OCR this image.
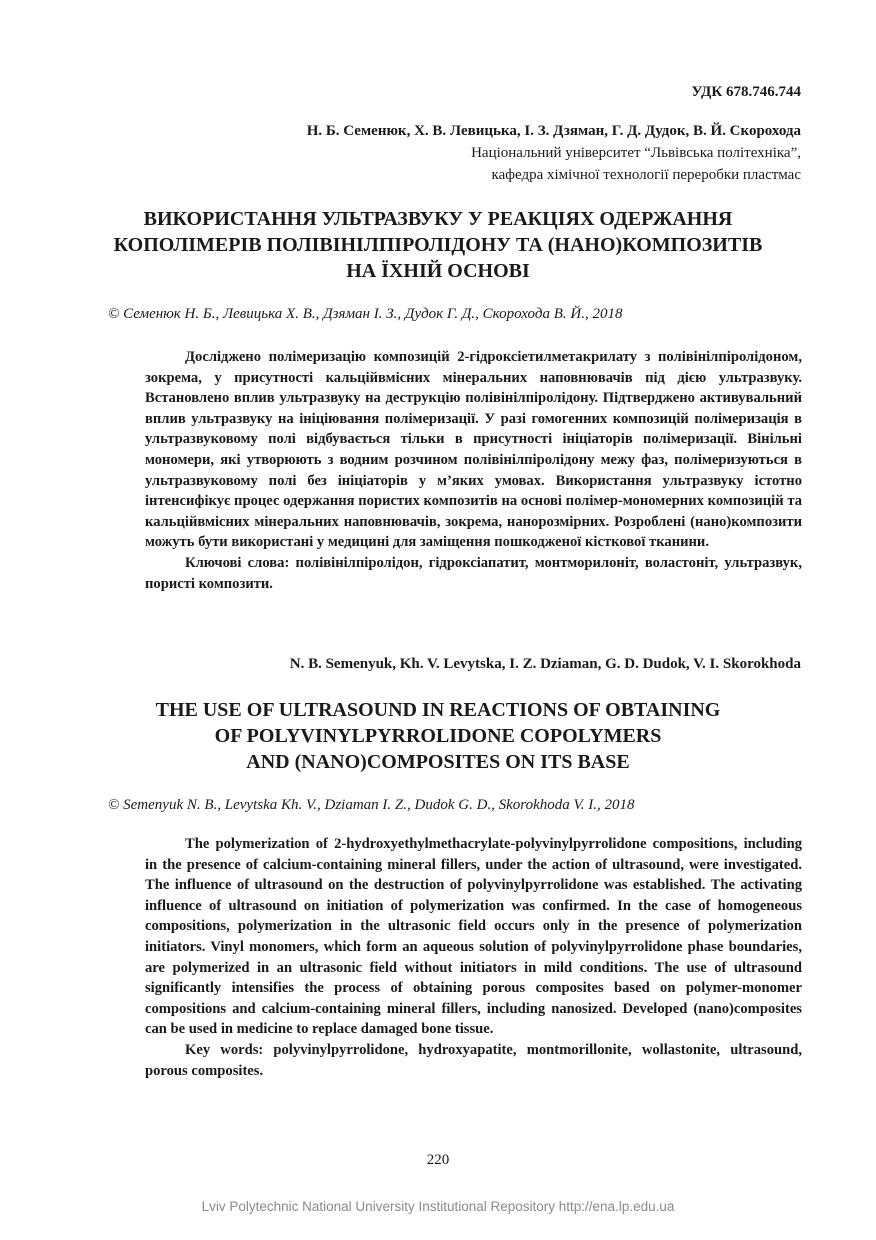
УДК 678.746.744
Н. Б. Семенюк, Х. В. Левицька, І. З. Дзяман, Г. Д. Дудок, В. Й. Скорохода
Національний університет “Львівська політехніка”,
кафедра хімічної технології переробки пластмас
ВИКОРИСТАННЯ УЛЬТРАЗВУКУ У РЕАКЦІЯХ ОДЕРЖАННЯ
КОПОЛІМЕРІВ ПОЛІВІНІЛПІРОЛІДОНУ ТА (НАНО)КОМПОЗИТІВ
НА ЇХНІЙ ОСНОВІ
© Семенюк Н. Б., Левицька Х. В., Дзяман І. З., Дудок Г. Д., Скорохода В. Й., 2018

Досліджено полімеризацію композицій 2-гідроксіетилметакрилату з полівінілпіролідоном, зокрема, у присутності кальційвмісних мінеральних наповнювачів під дією ультразвуку. Встановлено вплив ультразвуку на деструкцію полівінілпіролідону. Підтверджено активувальний вплив ультразвуку на ініціювання полімеризації. У разі гомогенних композицій полімеризація в ультразвуковому полі відбувається тільки в присутності ініціаторів полімеризації. Вінільні мономери, які утворюють з водним розчином полівінілпіролідону межу фаз, полімеризуються в ультразвуковому полі без ініціаторів у м’яких умовах. Використання ультразвуку істотно інтенсифікує процес одержання пористих композитів на основі полімер-мономерних композицій та кальційвмісних мінеральних наповнювачів, зокрема, нанорозмірних. Розроблені (нано)композити можуть бути використані у медицині для заміщення пошкодженої кісткової тканини.

Ключові слова: полівінілпіролідон, гідроксіапатит, монтморилоніт, воластоніт, ультразвук, пористі композити.

N. B. Semenyuk, Kh. V. Levytska, I. Z. Dziaman, G. D. Dudok, V. I. Skorokhoda
THE USE OF ULTRASOUND IN REACTIONS OF OBTAINING
OF POLYVINYLPYRROLIDONE COPOLYMERS
AND (NANO)COMPOSITES ON ITS BASE
© Semenyuk N. B., Levytska Kh. V., Dziaman I. Z., Dudok G. D., Skorokhoda V. I., 2018

The polymerization of 2-hydroxyethylmethacrylate-polyvinylpyrrolidone compositions, including in the presence of calcium-containing mineral fillers, under the action of ultrasound, were investigated. The influence of ultrasound on the destruction of polyvinylpyrrolidone was established. The activating influence of ultrasound on initiation of polymerization was confirmed. In the case of homogeneous compositions, polymerization in the ultrasonic field occurs only in the presence of polymerization initiators. Vinyl monomers, which form an aqueous solution of polyvinylpyrrolidone phase boundaries, are polymerized in an ultrasonic field without initiators in mild conditions. The use of ultrasound significantly intensifies the process of obtaining porous composites based on polymer-monomer compositions and calcium-containing mineral fillers, including nanosized. Developed (nano)composites can be used in medicine to replace damaged bone tissue.

Key words: polyvinylpyrrolidone, hydroxyapatite, montmorillonite, wollastonite, ultrasound, porous composites.

220
Lviv Polytechnic National University Institutional Repository http://ena.lp.edu.ua
